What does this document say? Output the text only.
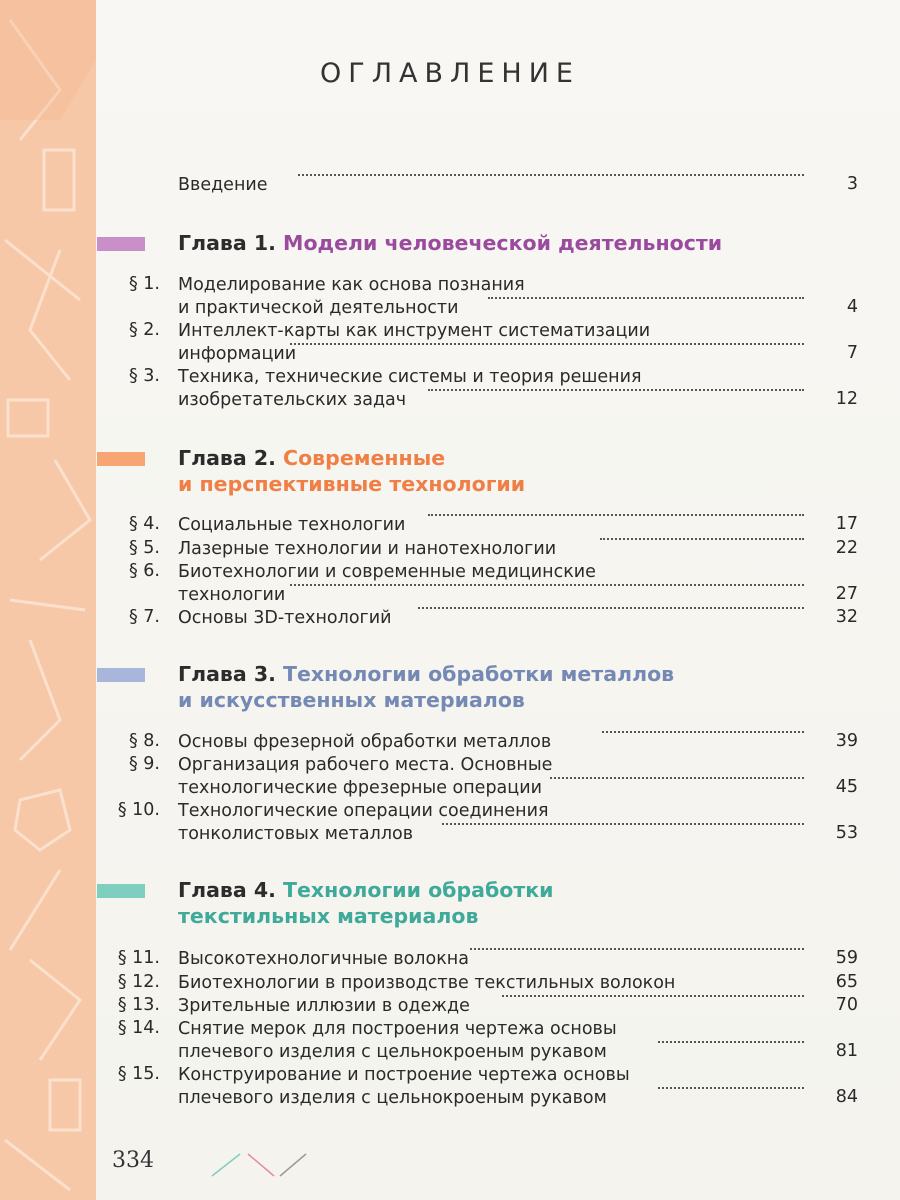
ОГЛАВЛЕНИЕ
Введение	3
Глава 1. Модели человеческой деятельности
§ 1. Моделирование как основа познания
и практической деятельности	4
§ 2. Интеллект-карты как инструмент систематизации
информации	7
§ 3. Техника, технические системы и теория решения
изобретательских задач	12
Глава 2. Современные
и перспективные технологии
§ 4. Социальные технологии	17
§ 5. Лазерные технологии и нанотехнологии	22
§ 6. Биотехнологии и современные медицинские
технологии	27
§ 7. Основы 3D-технологий	32
Глава 3. Технологии обработки металлов
и искусственных материалов
§ 8. Основы фрезерной обработки металлов	39
§ 9. Организация рабочего места. Основные
технологические фрезерные операции	45
§ 10. Технологические операции соединения
тонколистовых металлов	53
Глава 4. Технологии обработки
текстильных материалов
§ 11. Высокотехнологичные волокна	59
§ 12. Биотехнологии в производстве текстильных волокон	65
§ 13. Зрительные иллюзии в одежде	70
§ 14. Снятие мерок для построения чертежа основы
плечевого изделия с цельнокроеным рукавом	81
§ 15. Конструирование и построение чертежа основы
плечевого изделия с цельнокроеным рукавом	84
334
